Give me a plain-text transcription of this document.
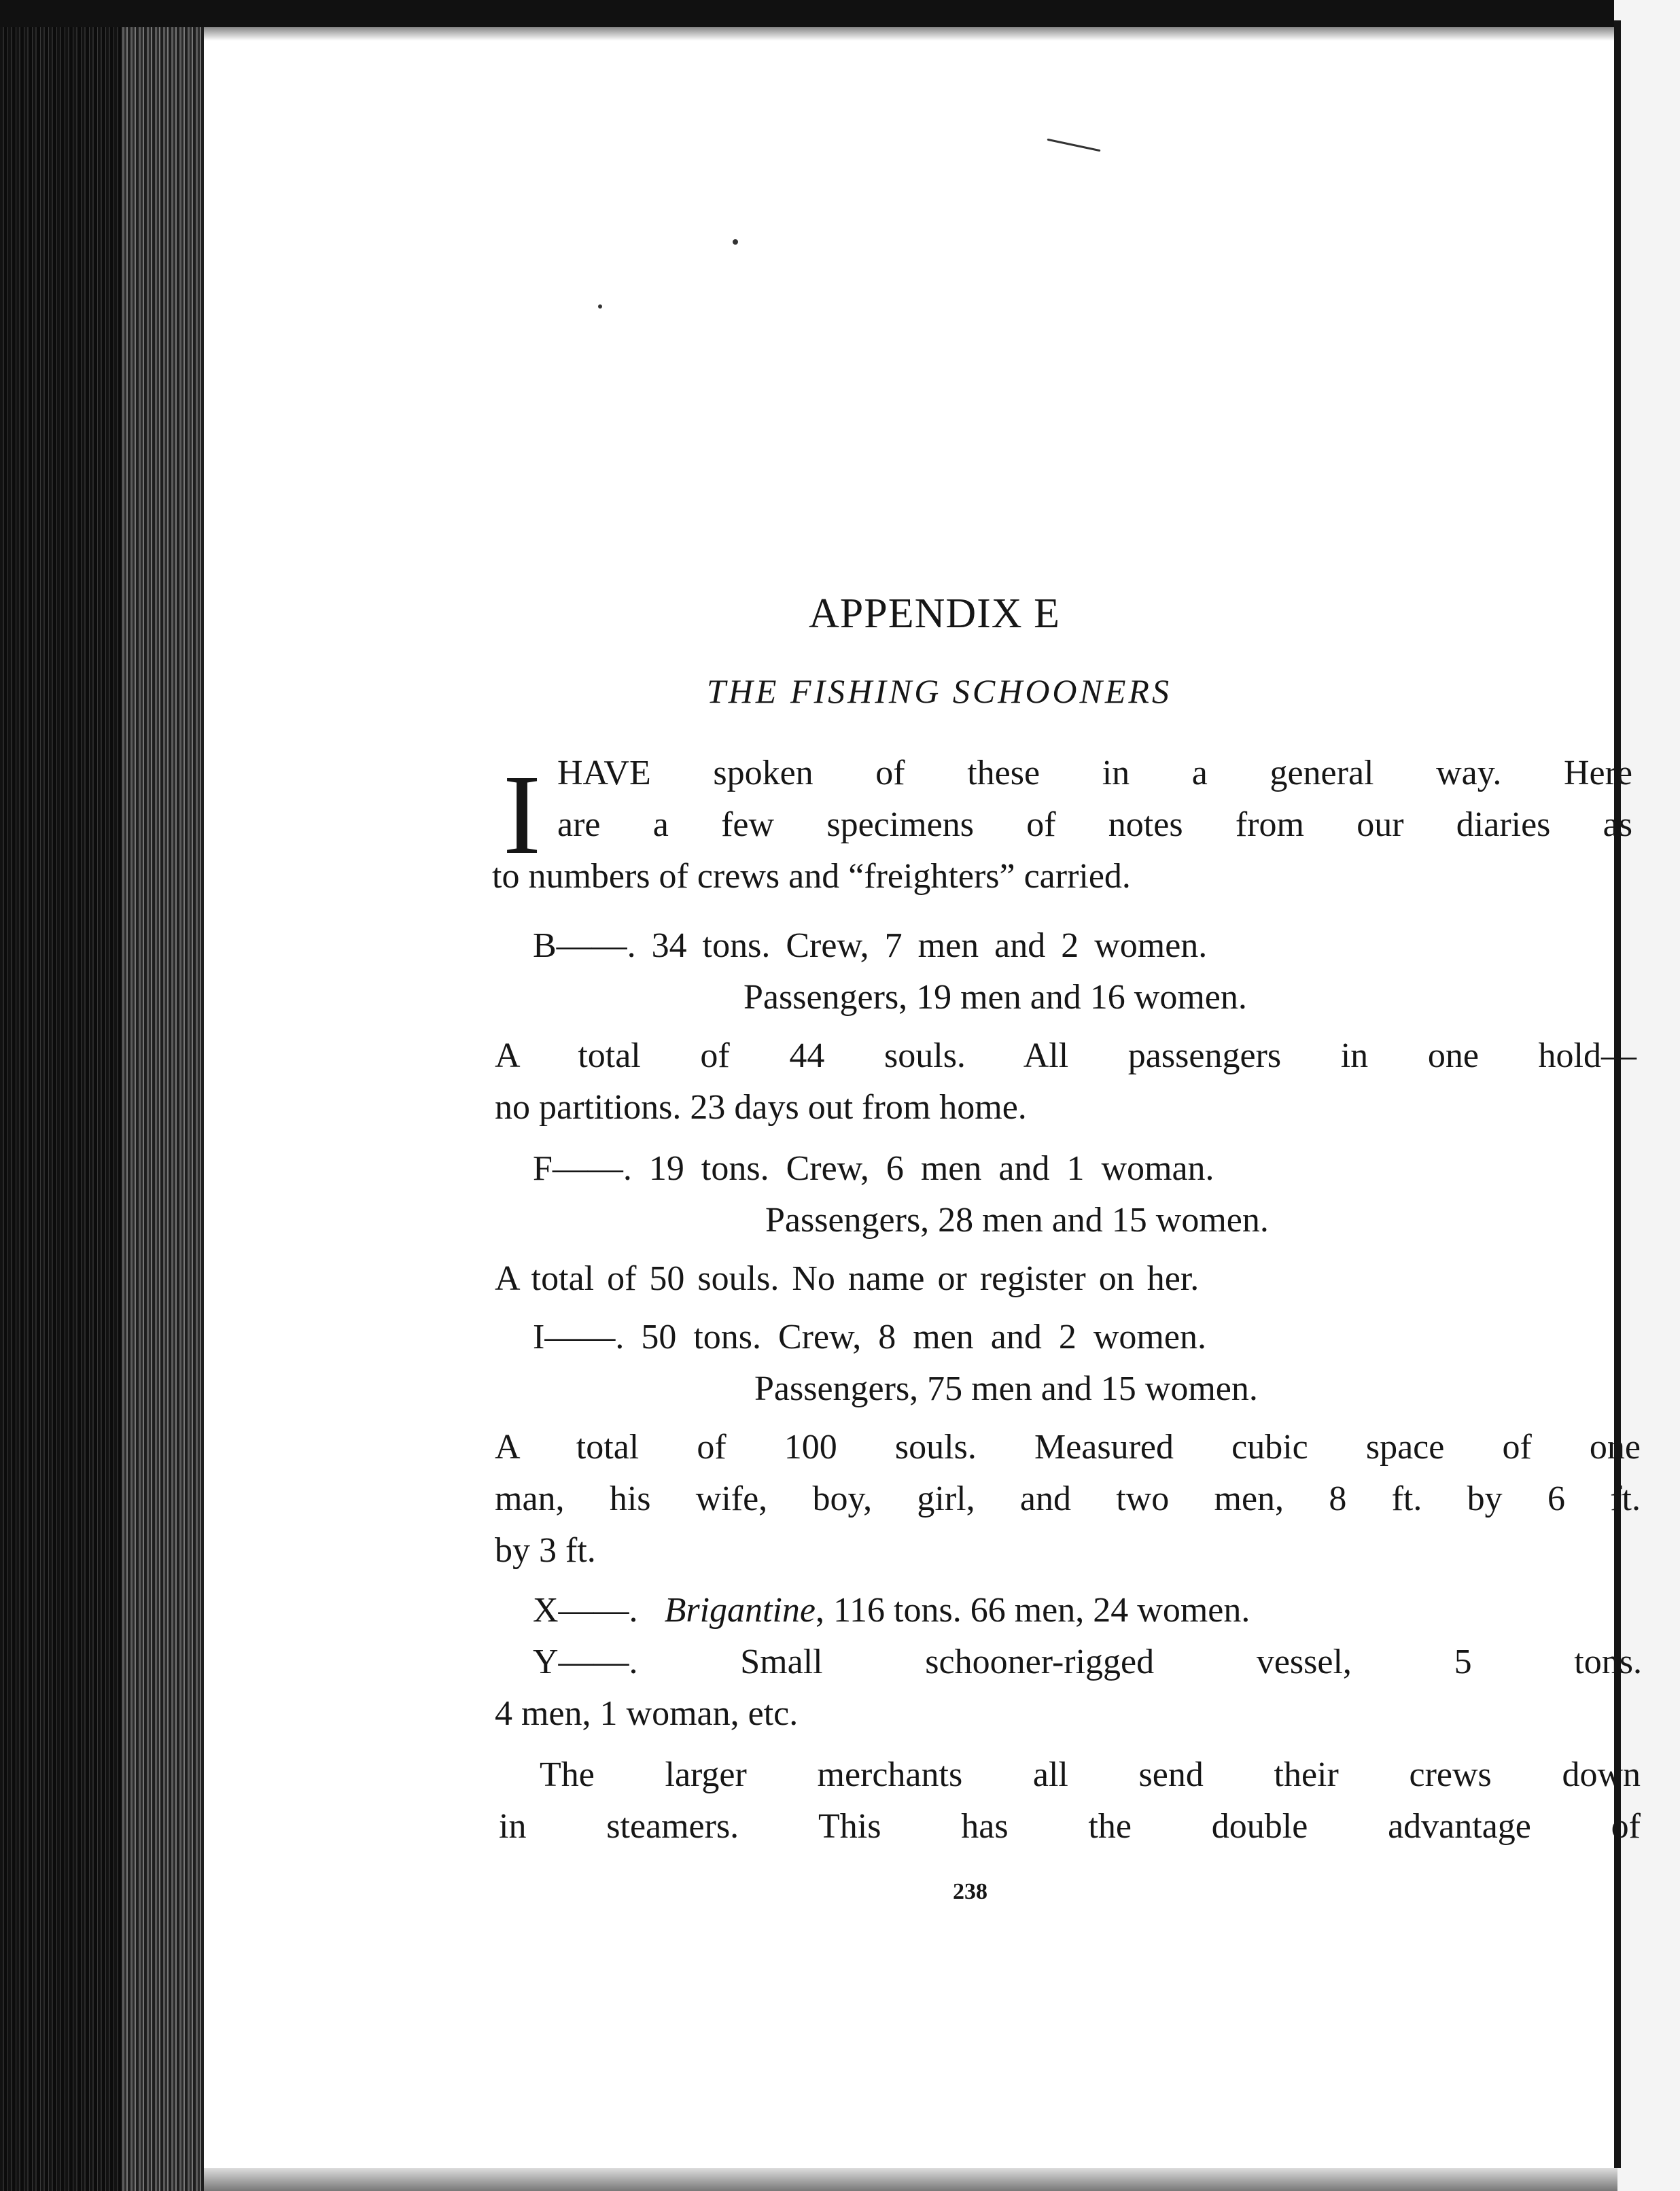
APPENDIX E
THE FISHING SCHOONERS
I HAVE spoken of these in a general way. Here
are a few specimens of notes from our diaries as
to numbers of crews and “freighters” carried.
B——. 34 tons. Crew, 7 men and 2 women.
Passengers, 19 men and 16 women.
A total of 44 souls. All passengers in one hold—
no partitions. 23 days out from home.
F——. 19 tons. Crew, 6 men and 1 woman.
Passengers, 28 men and 15 women.
A total of 50 souls. No name or register on her.
I——. 50 tons. Crew, 8 men and 2 women.
Passengers, 75 men and 15 women.
A total of 100 souls. Measured cubic space of one
man, his wife, boy, girl, and two men, 8 ft. by 6 ft.
by 3 ft.
X——. Brigantine, 116 tons. 66 men, 24 women.
Y——. Small schooner-rigged vessel, 5 tons.
4 men, 1 woman, etc.
The larger merchants all send their crews down
in steamers. This has the double advantage of
238
